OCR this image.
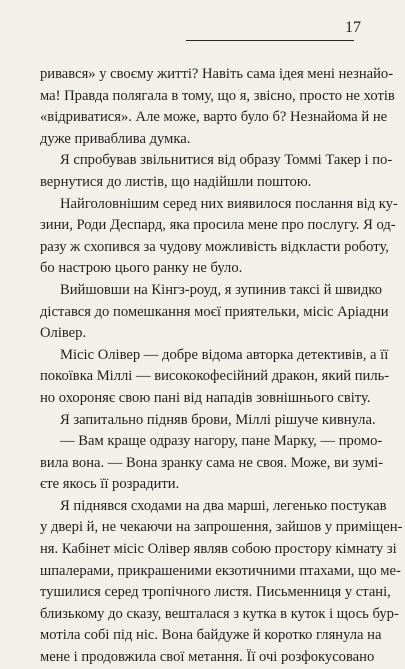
17
ривався» у своєму житті? Навіть сама ідея мені незнайо-
ма! Правда полягала в тому, що я, звісно, просто не хотів
«відриватися». Але може, варто було б? Незнайома й не
дуже приваблива думка.
Я спробував звільнитися від образу Томмі Такер і по-
вернутися до листів, що надійшли поштою.
Найголовнішим серед них виявилося послання від ку-
зини, Роди Деспард, яка просила мене про послугу. Я од-
разу ж схопився за чудову можливість відкласти роботу,
бо настрою цього ранку не було.
Вийшовши на Кінгз-роуд, я зупинив таксі й швидко
дістався до помешкання моєї приятельки, місіс Аріадни
Олівер.
Місіс Олівер — добре відома авторка детективів, а її
покоївка Міллі — висококофесійний дракон, який пиль-
но охороняє свою пані від нападів зовнішнього світу.
Я запитально підняв брови, Міллі рішуче кивнула.
— Вам краще одразу нагору, пане Марку, — промо-
вила вона. — Вона зранку сама не своя. Може, ви зумі-
єте якось її розрадити.
Я піднявся сходами на два марші, легенько постукав
у двері й, не чекаючи на запрошення, зайшов у приміщен-
ня. Кабінет місіс Олівер являв собою простору кімнату зі
шпалерами, прикрашеними екзотичними птахами, що ме-
тушилися серед тропічного листя. Письменниця у стані,
близькому до сказу, вешталася з кутка в куток і щось бур-
мотіла собі під ніс. Вона байдуже й коротко глянула на
мене і продовжила свої метання. Її очі розфокусовано
